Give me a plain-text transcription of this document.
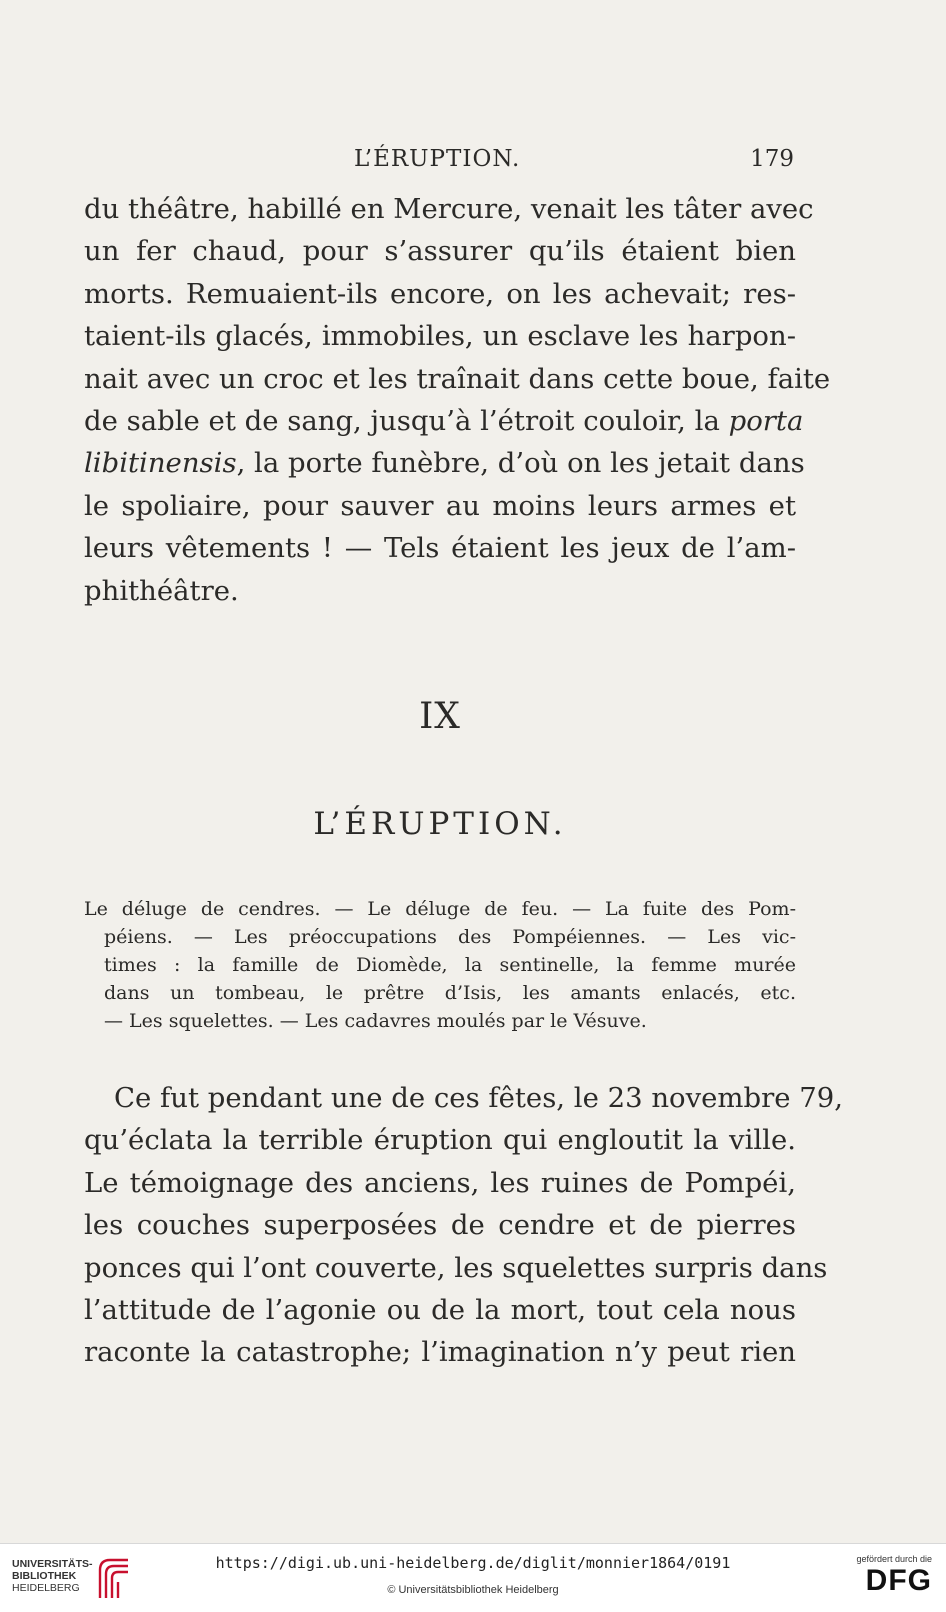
L’ÉRUPTION.	179
du théâtre, habillé en Mercure, venait les tâter avec
un fer chaud, pour s’assurer qu’ils étaient bien
morts. Remuaient-ils encore, on les achevait; res-
taient-ils glacés, immobiles, un esclave les harpon-
nait avec un croc et les traînait dans cette boue, faite
de sable et de sang, jusqu’à l’étroit couloir, la porta
libitinensis, la porte funèbre, d’où on les jetait dans
le spoliaire, pour sauver au moins leurs armes et
leurs vêtements ! — Tels étaient les jeux de l’am-
phithéâtre.
IX
L’ÉRUPTION.
Le déluge de cendres. — Le déluge de feu. — La fuite des Pom-
péiens. — Les préoccupations des Pompéiennes. — Les vic-
times : la famille de Diomède, la sentinelle, la femme murée
dans un tombeau, le prêtre d’Isis, les amants enlacés, etc.
— Les squelettes. — Les cadavres moulés par le Vésuve.
Ce fut pendant une de ces fêtes, le 23 novembre 79,
qu’éclata la terrible éruption qui engloutit la ville.
Le témoignage des anciens, les ruines de Pompéi,
les couches superposées de cendre et de pierres
ponces qui l’ont couverte, les squelettes surpris dans
l’attitude de l’agonie ou de la mort, tout cela nous
raconte la catastrophe; l’imagination n’y peut rien
UNIVERSITÄTS-
BIBLIOTHEK
HEIDELBERG
https://digi.ub.uni-heidelberg.de/diglit/monnier1864/0191
© Universitätsbibliothek Heidelberg
gefördert durch die
DFG
